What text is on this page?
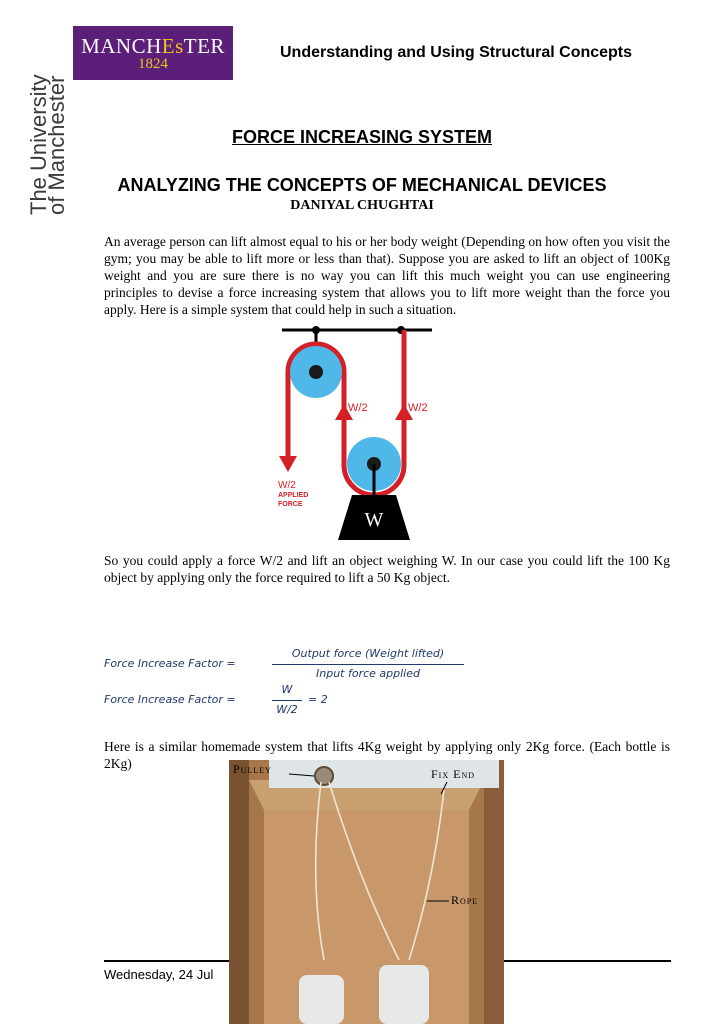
MANCHEsTER
1824
The University
of Manchester
Understanding and Using Structural Concepts
FORCE INCREASING SYSTEM
ANALYZING THE CONCEPTS OF MECHANICAL DEVICES
DANIYAL CHUGHTAI
An average person can lift almost equal to his or her body weight (Depending on how often you visit the gym; you may be able to lift more or less than that). Suppose you are asked to lift an object of 100Kg weight and you are sure there is no way you can lift this much weight you can use engineering principles to devise a force increasing system that allows you to lift more weight than the force you apply. Here is a simple system that could help in such a situation.
W
W/2	W/2
W/2
APPLIED
FORCE
So you could apply a force W/2 and lift an object weighing W. In our case you could lift the 100 Kg object by applying only the force required to lift a 50 Kg object.
Force Increase Factor =
Output force (Weight lifted)
Input force applied
Force Increase Factor =
W
W/2
= 2
Here is a similar homemade system that lifts 4Kg weight by applying only 2Kg force. (Each bottle is 2Kg)
Wednesday, 24 Jul
Pulley	Fix End
Rope
